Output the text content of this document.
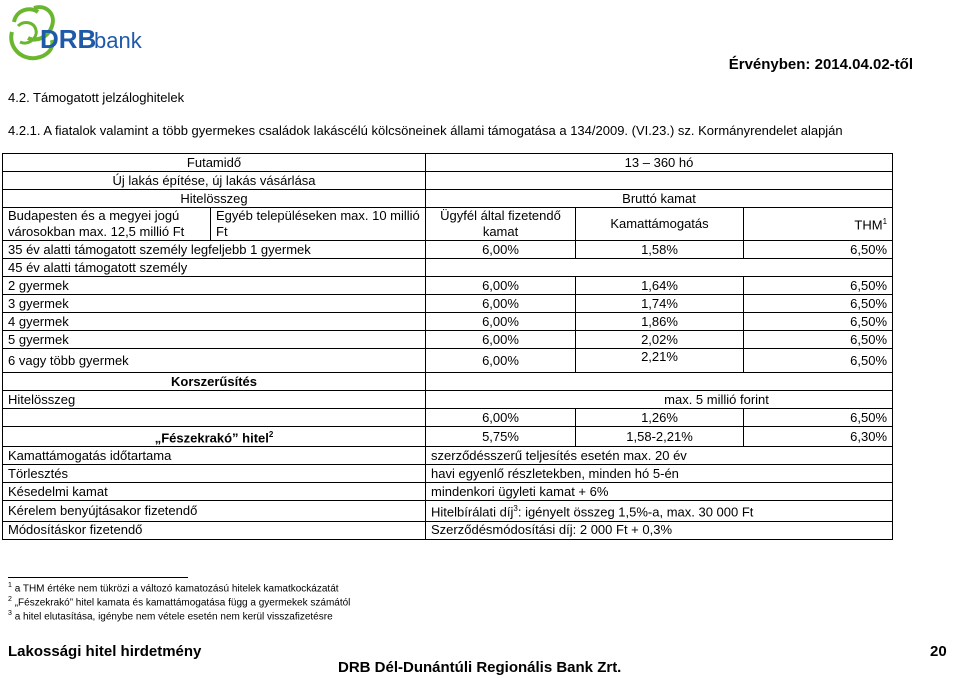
DRB
bank
Érvényben: 2014.04.02-től
4.2. Támogatott jelzáloghitelek
4.2.1. A fiatalok valamint a több gyermekes családok lakáscélú kölcsöneinek állami támogatása a 134/2009. (VI.23.) sz. Kormányrendelet alapján
Futamidő		13 – 360 hó		
Új lakás építése, új lakás vásárlása				
Hitelösszeg		Bruttó kamat		
Budapesten és a megyei jogú városokban max. 12,5 millió Ft	Egyéb településeken max. 10 millió Ft	Ügyfél által fizetendő kamat	Kamattámogatás	THM$^1$
35 év alatti támogatott személy legfeljebb 1 gyermek		6,00%	1,58%	6,50%
45 év alatti támogatott személy				
2 gyermek		6,00%	1,64%	6,50%
3 gyermek		6,00%	1,74%	6,50%
4 gyermek		6,00%	1,86%	6,50%
5 gyermek		6,00%	2,02%	6,50%
6 vagy több gyermek		6,00%	2,21%	6,50%
Korszerűsítés				
Hitelösszeg		max. 5 millió forint		
		6,00%	1,26%	6,50%
„Fészekrakó” hitel$^2$		5,75%	1,58-2,21%	6,30%
Kamattámogatás időtartama		szerződésszerű teljesítés esetén max. 20 év		
Törlesztés		havi egyenlő részletekben, minden hó 5-én		
Késedelmi kamat		mindenkori ügyleti kamat + 6%		
Kérelem benyújtásakor fizetendő		Hitelbírálati díj$^3$: igényelt összeg 1,5%-a, max. 30 000 Ft		
Módosításkor fizetendő		Szerződésmódosítási díj: 2 000 Ft + 0,3%		
$^1$ a THM értéke nem tükrözi a változó kamatozású hitelek kamatkockázatát
$^2$ „Fészekrakó” hitel kamata és kamattámogatása függ a gyermekek számától
$^3$ a hitel elutasítása, igénybe nem vétele esetén nem kerül visszafizetésre
Lakossági hitel hirdetmény
DRB Dél-Dunántúli Regionális Bank Zrt.
20
